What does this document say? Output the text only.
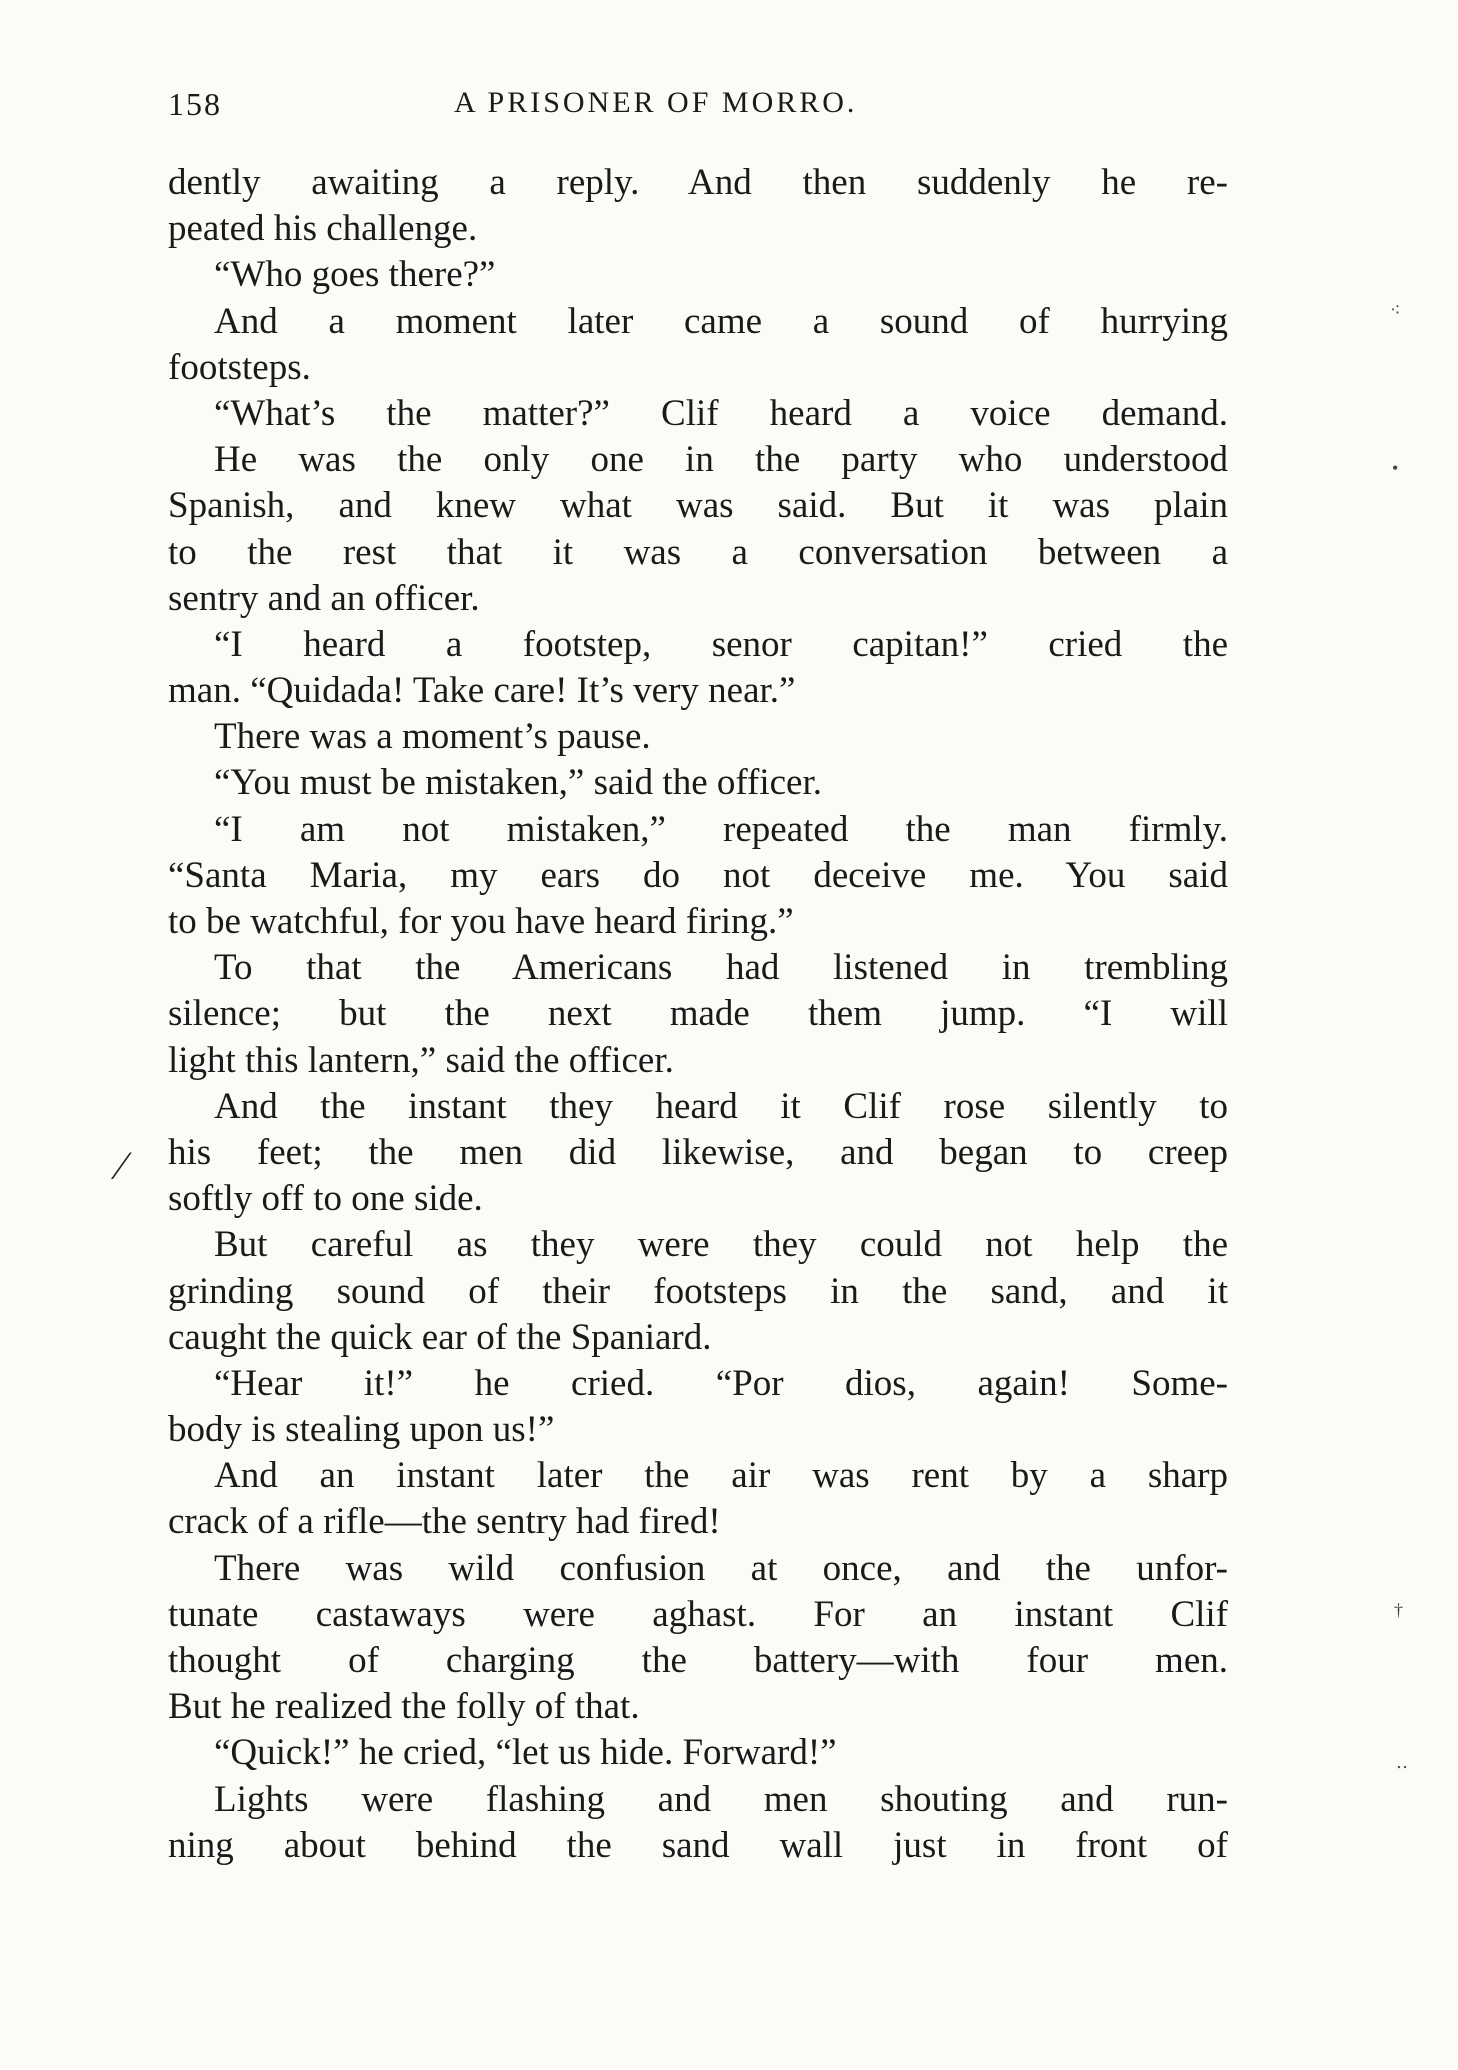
158	A PRISONER OF MORRO.
dently awaiting a reply. And then suddenly he re-
peated his challenge.
“Who goes there?”
And a moment later came a sound of hurrying
footsteps.
“What’s the matter?” Clif heard a voice demand.
He was the only one in the party who understood
Spanish, and knew what was said. But it was plain
to the rest that it was a conversation between a
sentry and an officer.
“I heard a footstep, senor capitan!” cried the
man. “Quidada! Take care! It’s very near.”
There was a moment’s pause.
“You must be mistaken,” said the officer.
“I am not mistaken,” repeated the man firmly.
“Santa Maria, my ears do not deceive me. You said
to be watchful, for you have heard firing.”
To that the Americans had listened in trembling
silence; but the next made them jump. “I will
light this lantern,” said the officer.
And the instant they heard it Clif rose silently to
his feet; the men did likewise, and began to creep
softly off to one side.
But careful as they were they could not help the
grinding sound of their footsteps in the sand, and it
caught the quick ear of the Spaniard.
“Hear it!” he cried. “Por dios, again! Some-
body is stealing upon us!”
And an instant later the air was rent by a sharp
crack of a rifle—the sentry had fired!
There was wild confusion at once, and the unfor-
tunate castaways were aghast. For an instant Clif
thought of charging the battery—with four men.
But he realized the folly of that.
“Quick!” he cried, “let us hide. Forward!”
Lights were flashing and men shouting and run-
ning about behind the sand wall just in front of
⁄
⁖
•
†
‥
